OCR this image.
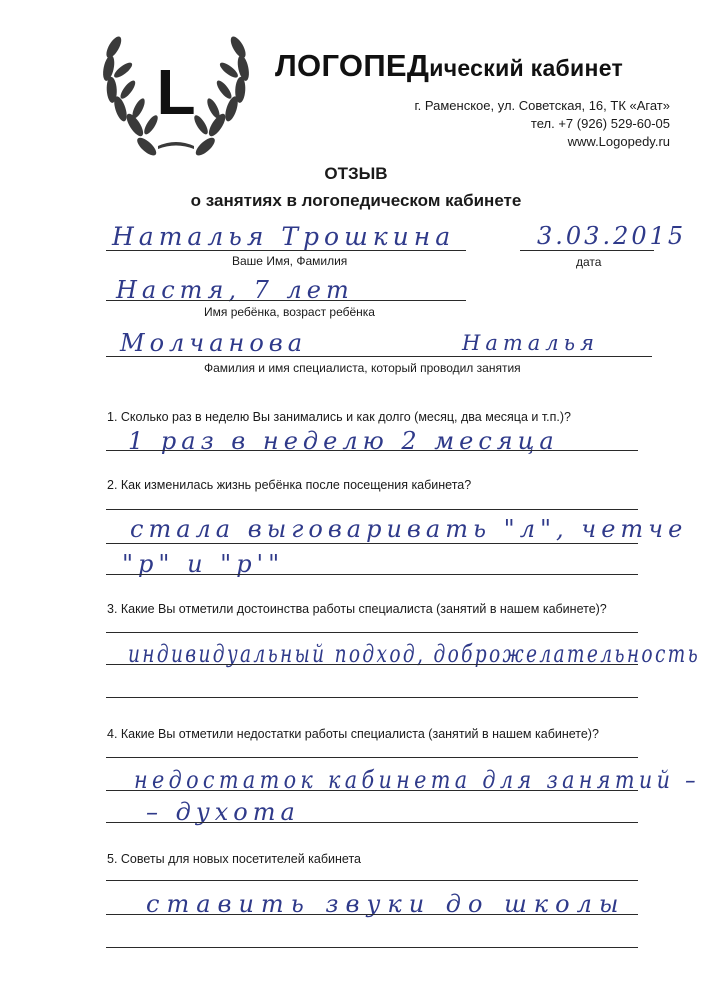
L	ЛОГОПЕДический кабинет
г. Раменское, ул. Советская, 16, ТК «Агат»
тел. +7 (926) 529-60-05
www.Logopedy.ru
ОТЗЫВ
о занятиях в логопедическом кабинете
Наталья Трошкина
Ваше Имя, Фамилия
3.03.2015
дата
Настя, 7 лет
Имя ребёнка, возраст ребёнка
Молчанова	Наталья
Фамилия и имя специалиста, который проводил занятия
1. Сколько раз в неделю Вы занимались и как долго (месяц, два месяца и т.п.)?
1 раз в неделю 2 месяца
2. Как изменилась жизнь ребёнка после посещения кабинета?
стала выговаривать "л", четче
"р" и "р'"
3. Какие Вы отметили достоинства работы специалиста (занятий в нашем кабинете)?
индивидуальный подход, доброжелательность
4. Какие Вы отметили недостатки работы специалиста (занятий в нашем кабинете)?
недостаток кабинета для занятий –
– духота
5. Советы для новых посетителей кабинета
ставить звуки до школы
